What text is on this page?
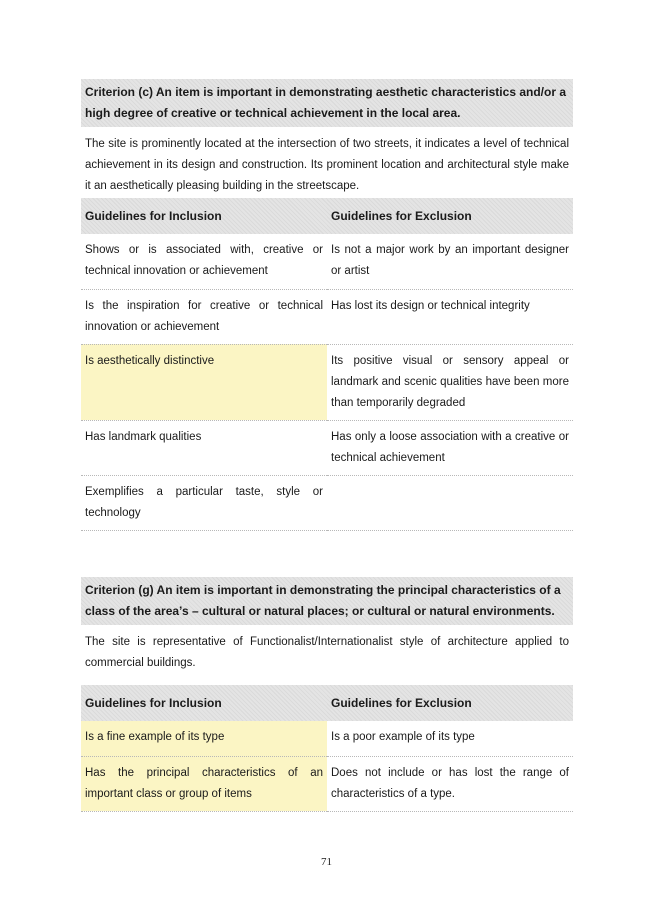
Criterion (c) An item is important in demonstrating aesthetic characteristics and/or a high degree of creative or technical achievement in the local area.
The site is prominently located at the intersection of two streets, it indicates a level of technical achievement in its design and construction. Its prominent location and architectural style make it an aesthetically pleasing building in the streetscape.
Guidelines for Inclusion	Guidelines for Exclusion
Shows or is associated with, creative or technical innovation or achievement	Is not a major work by an important designer or artist
Is the inspiration for creative or technical innovation or achievement	Has lost its design or technical integrity
Is aesthetically distinctive	Its positive visual or sensory appeal or landmark and scenic qualities have been more than temporarily degraded
Has landmark qualities	Has only a loose association with a creative or technical achievement
Exemplifies a particular taste, style or technology	
Criterion (g) An item is important in demonstrating the principal characteristics of a class of the area’s – cultural or natural places; or cultural or natural environments.
The site is representative of Functionalist/Internationalist style of architecture applied to commercial buildings.
Guidelines for Inclusion	Guidelines for Exclusion
Is a fine example of its type	Is a poor example of its type
Has the principal characteristics of an important class or group of items	Does not include or has lost the range of characteristics of a type.
71
